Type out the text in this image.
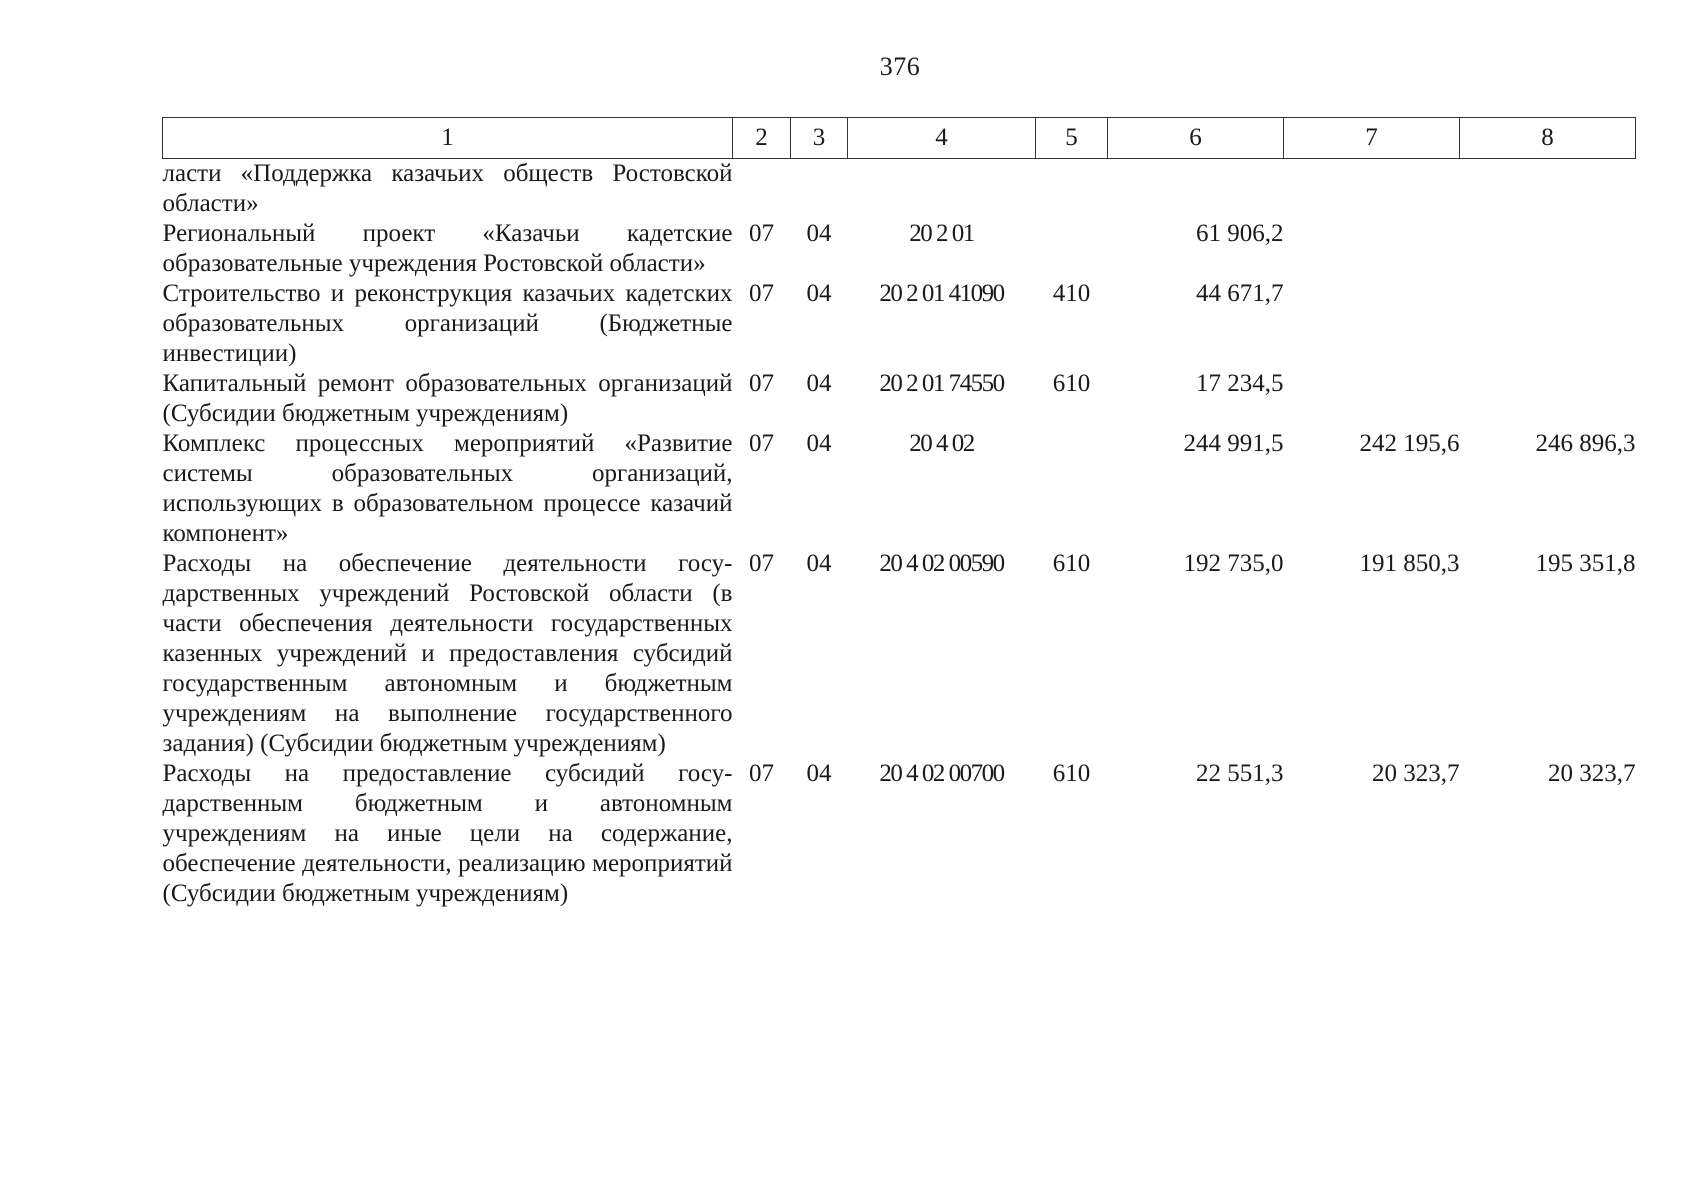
376
1	2	3	4	5	6	7	8
ласти «Поддержка казачьих обществ Ростовской области»							
Региональный проект «Казачьи кадетские образовательные учреждения Ростовской области»	07	04	20 2 01		61 906,2		
Строительство и реконструкция казачьих кадетских образовательных организаций (Бюджетные инвестиции)	07	04	20 2 01 41090	410	44 671,7		
Капитальный ремонт образовательных организаций (Субсидии бюджетным учреждениям)	07	04	20 2 01 74550	610	17 234,5		
Комплекс процессных мероприятий «Развитие системы образовательных организаций, использующих в образовательном процессе казачий компонент»	07	04	20 4 02		244 991,5	242 195,6	246 896,3
Расходы на обеспечение деятельности государственных учреждений Ростовской области (в части обеспечения деятельности государственных казенных учреждений и предоставления субсидий государственным автономным и бюджетным учреждениям на выполнение государственного задания) (Субсидии бюджетным учреждениям)	07	04	20 4 02 00590	610	192 735,0	191 850,3	195 351,8
Расходы на предоставление субсидий государственным бюджетным и автономным учреждениям на иные цели на содержание, обеспечение деятельности, реализацию мероприятий (Субсидии бюджетным учреждениям)	07	04	20 4 02 00700	610	22 551,3	20 323,7	20 323,7
